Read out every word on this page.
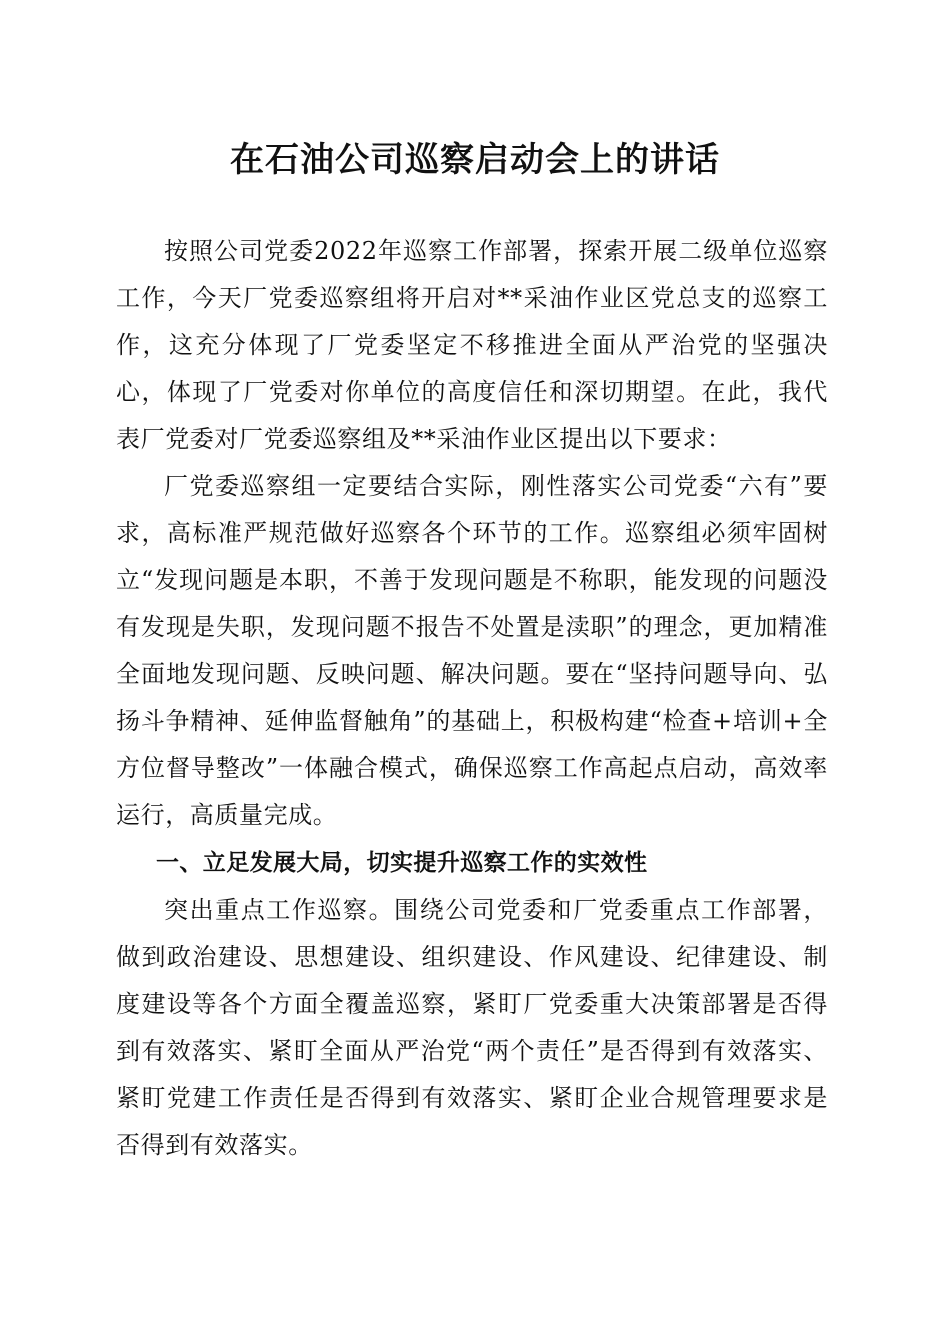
在石油公司巡察启动会上的讲话

按照公司党委2022年巡察工作部署，探索开展二级单位巡察工作，今天厂党委巡察组将开启对**采油作业区党总支的巡察工作，这充分体现了厂党委坚定不移推进全面从严治党的坚强决心，体现了厂党委对你单位的高度信任和深切期望。在此，我代表厂党委对厂党委巡察组及**采油作业区提出以下要求：

厂党委巡察组一定要结合实际，刚性落实公司党委“六有”要求，高标准严规范做好巡察各个环节的工作。巡察组必须牢固树立“发现问题是本职，不善于发现问题是不称职，能发现的问题没有发现是失职，发现问题不报告不处置是渎职”的理念，更加精准全面地发现问题、反映问题、解决问题。要在“坚持问题导向、弘扬斗争精神、延伸监督触角”的基础上，积极构建“检查+培训+全方位督导整改”一体融合模式，确保巡察工作高起点启动，高效率运行，高质量完成。

一、立足发展大局，切实提升巡察工作的实效性

突出重点工作巡察。围绕公司党委和厂党委重点工作部署，做到政治建设、思想建设、组织建设、作风建设、纪律建设、制度建设等各个方面全覆盖巡察，紧盯厂党委重大决策部署是否得到有效落实、紧盯全面从严治党“两个责任”是否得到有效落实、紧盯党建工作责任是否得到有效落实、紧盯企业合规管理要求是否得到有效落实。
